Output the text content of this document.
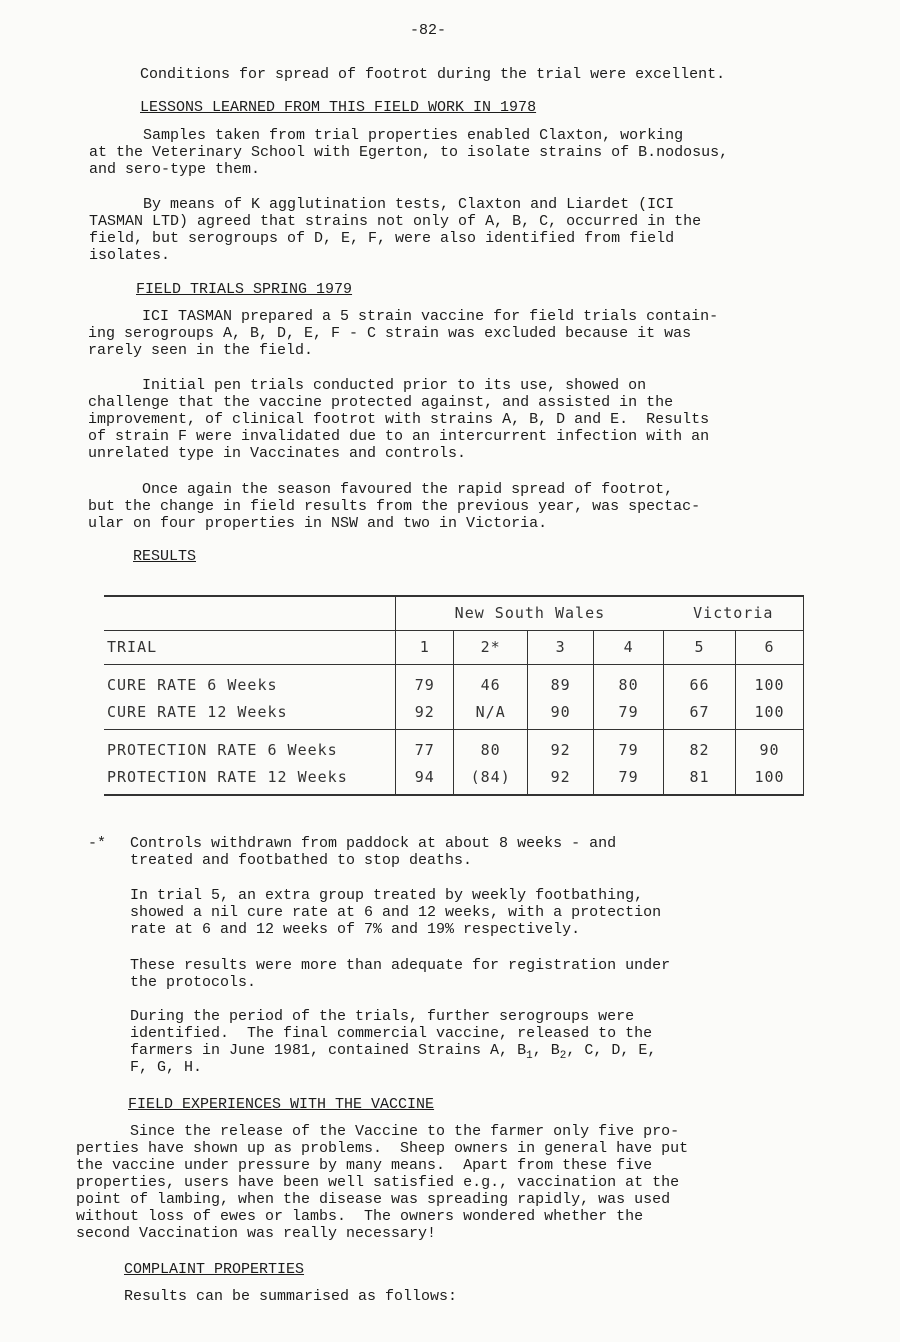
-82-
Conditions for spread of footrot during the trial were excellent.
LESSONS LEARNED FROM THIS FIELD WORK IN 1978
Samples taken from trial properties enabled Claxton, working
at the Veterinary School with Egerton, to isolate strains of B.nodosus,
and sero-type them.
By means of K agglutination tests, Claxton and Liardet (ICI
TASMAN LTD) agreed that strains not only of A, B, C, occurred in the
field, but serogroups of D, E, F, were also identified from field
isolates.
FIELD TRIALS SPRING 1979
ICI TASMAN prepared a 5 strain vaccine for field trials contain-
ing serogroups A, B, D, E, F - C strain was excluded because it was
rarely seen in the field.
Initial pen trials conducted prior to its use, showed on
challenge that the vaccine protected against, and assisted in the
improvement, of clinical footrot with strains A, B, D and E.  Results
of strain F were invalidated due to an intercurrent infection with an
unrelated type in Vaccinates and controls.
Once again the season favoured the rapid spread of footrot,
but the change in field results from the previous year, was spectac-
ular on four properties in NSW and two in Victoria.
RESULTS
	New South Wales				Victoria	
TRIAL	1	2*	3	4	5	6
CURE RATE 6 Weeks	79	46	89	80	66	100
CURE RATE 12 Weeks	92	N/A	90	79	67	100
PROTECTION RATE 6 Weeks	77	80	92	79	82	90
PROTECTION RATE 12 Weeks	94	(84)	92	79	81	100
-* Controls withdrawn from paddock at about 8 weeks - and
treated and footbathed to stop deaths.
In trial 5, an extra group treated by weekly footbathing,
showed a nil cure rate at 6 and 12 weeks, with a protection
rate at 6 and 12 weeks of 7% and 19% respectively.
These results were more than adequate for registration under
the protocols.
During the period of the trials, further serogroups were
identified.  The final commercial vaccine, released to the
farmers in June 1981, contained Strains A, $B_1$, $B_2$, C, D, E,
F, G, H.
FIELD EXPERIENCES WITH THE VACCINE
Since the release of the Vaccine to the farmer only five pro-
perties have shown up as problems.  Sheep owners in general have put
the vaccine under pressure by many means.  Apart from these five
properties, users have been well satisfied e.g., vaccination at the
point of lambing, when the disease was spreading rapidly, was used
without loss of ewes or lambs.  The owners wondered whether the
second Vaccination was really necessary!
COMPLAINT PROPERTIES
Results can be summarised as follows:
